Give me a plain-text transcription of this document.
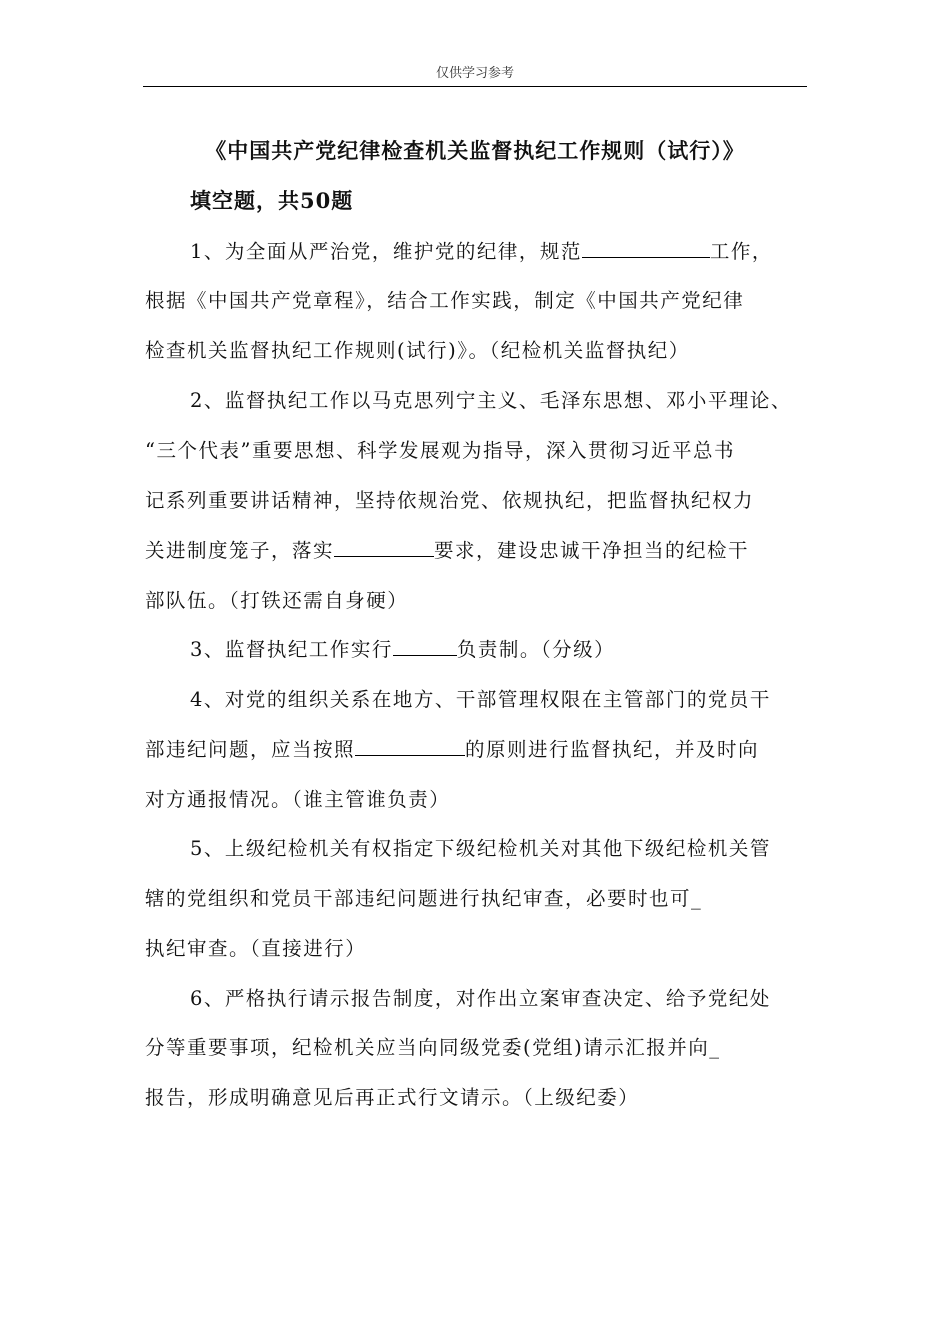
仅供学习参考
《中国共产党纪律检查机关监督执纪工作规则（试行）》
填空题，共50题
1、为全面从严治党，维护党的纪律，规范	工作，
根据《中国共产党章程》，结合工作实践，制定《中国共产党纪律
检查机关监督执纪工作规则(试行)》。（纪检机关监督执纪）
2、监督执纪工作以马克思列宁主义、毛泽东思想、邓小平理论、
“三个代表”重要思想、科学发展观为指导，深入贯彻习近平总书
记系列重要讲话精神，坚持依规治党、依规执纪，把监督执纪权力
关进制度笼子，落实	要求，建设忠诚干净担当的纪检干
部队伍。（打铁还需自身硬）
3、监督执纪工作实行	负责制。（分级）
4、对党的组织关系在地方、干部管理权限在主管部门的党员干
部违纪问题，应当按照	的原则进行监督执纪，并及时向
对方通报情况。（谁主管谁负责）
5、上级纪检机关有权指定下级纪检机关对其他下级纪检机关管
辖的党组织和党员干部违纪问题进行执纪审查，必要时也可_
执纪审查。（直接进行）
6、严格执行请示报告制度，对作出立案审查决定、给予党纪处
分等重要事项，纪检机关应当向同级党委(党组)请示汇报并向_
报告，形成明确意见后再正式行文请示。（上级纪委）
